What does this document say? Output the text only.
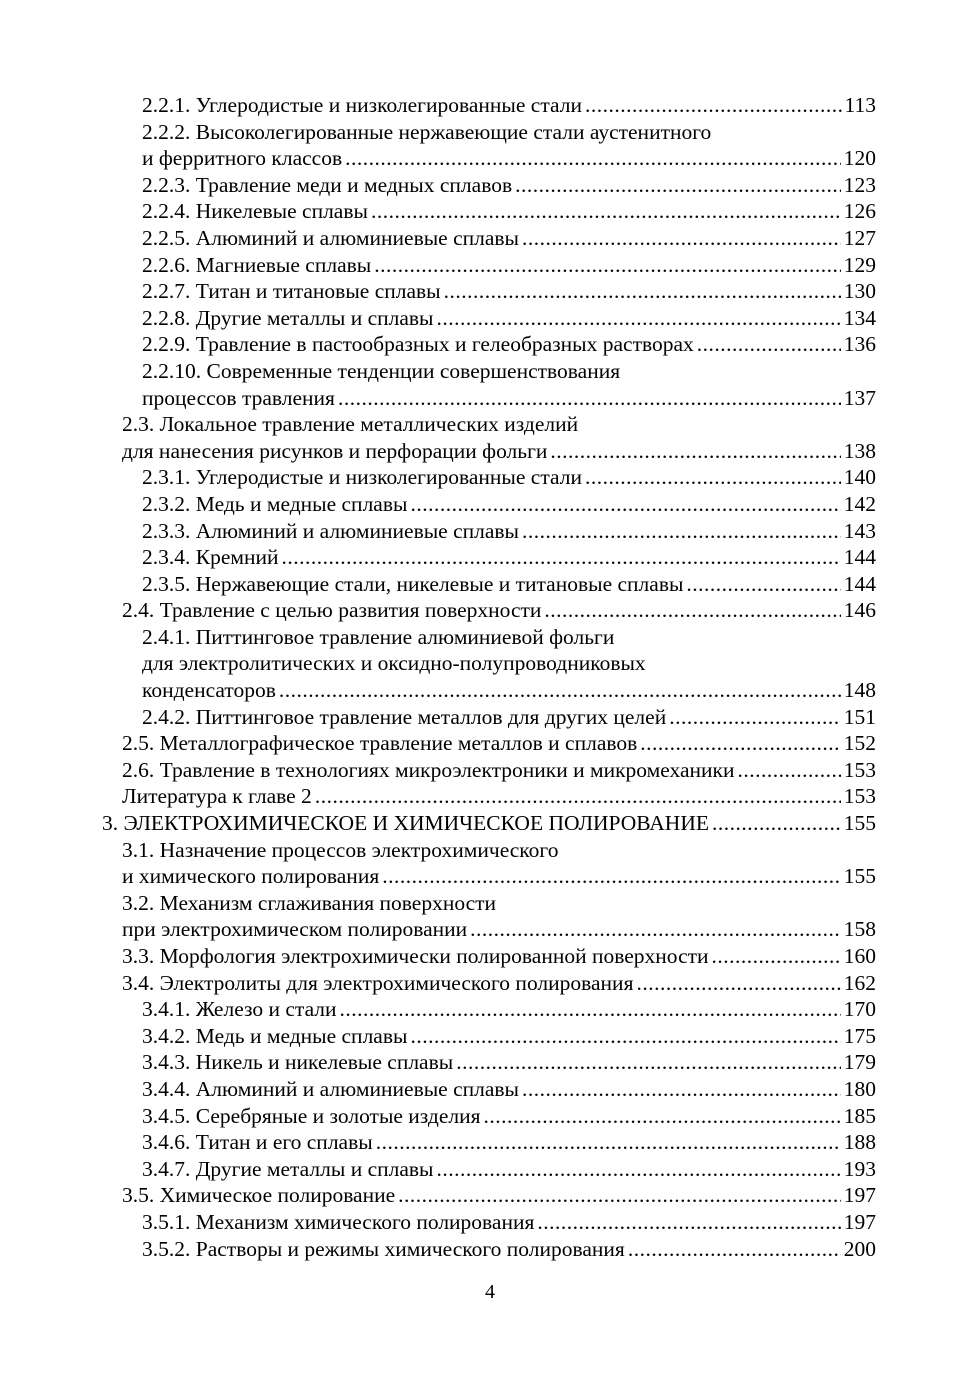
2.2.1. Углеродистые и низколегированные стали .....	113
2.2.2. Высоколегированные нержавеющие стали аустенитного
и ферритного классов .....	120
2.2.3. Травление меди и медных сплавов .....	123
2.2.4. Никелевые сплавы .....	126
2.2.5. Алюминий и алюминиевые сплавы .....	127
2.2.6. Магниевые сплавы .....	129
2.2.7. Титан и титановые сплавы .....	130
2.2.8. Другие металлы и сплавы .....	134
2.2.9. Травление в пастообразных и гелеобразных растворах .....	136
2.2.10. Современные тенденции совершенствования
процессов травления .....	137
2.3. Локальное травление металлических изделий
для нанесения рисунков и перфорации фольги .....	138
2.3.1. Углеродистые и низколегированные стали .....	140
2.3.2. Медь и медные сплавы .....	142
2.3.3. Алюминий и алюминиевые сплавы .....	143
2.3.4. Кремний .....	144
2.3.5. Нержавеющие стали, никелевые и титановые сплавы .....	144
2.4. Травление с целью развития поверхности .....	146
2.4.1. Питтинговое травление алюминиевой фольги
для электролитических и оксидно-полупроводниковых
конденсаторов .....	148
2.4.2. Питтинговое травление металлов для других целей .....	151
2.5. Металлографическое травление металлов и сплавов .....	152
2.6. Травление в технологиях микроэлектроники и микромеханики .....	153
Литература к главе 2 .....	153
3. ЭЛЕКТРОХИМИЧЕСКОЕ И ХИМИЧЕСКОЕ ПОЛИРОВАНИЕ .....	155
3.1. Назначение процессов электрохимического
и химического полирования .....	155
3.2. Механизм сглаживания поверхности
при электрохимическом полировании .....	158
3.3. Морфология электрохимически полированной поверхности .....	160
3.4. Электролиты для электрохимического полирования .....	162
3.4.1. Железо и стали .....	170
3.4.2. Медь и медные сплавы .....	175
3.4.3. Никель и никелевые сплавы .....	179
3.4.4. Алюминий и алюминиевые сплавы .....	180
3.4.5. Серебряные и золотые изделия .....	185
3.4.6. Титан и его сплавы .....	188
3.4.7. Другие металлы и сплавы .....	193
3.5. Химическое полирование .....	197
3.5.1. Механизм химического полирования .....	197
3.5.2. Растворы и режимы химического полирования .....	200
4
